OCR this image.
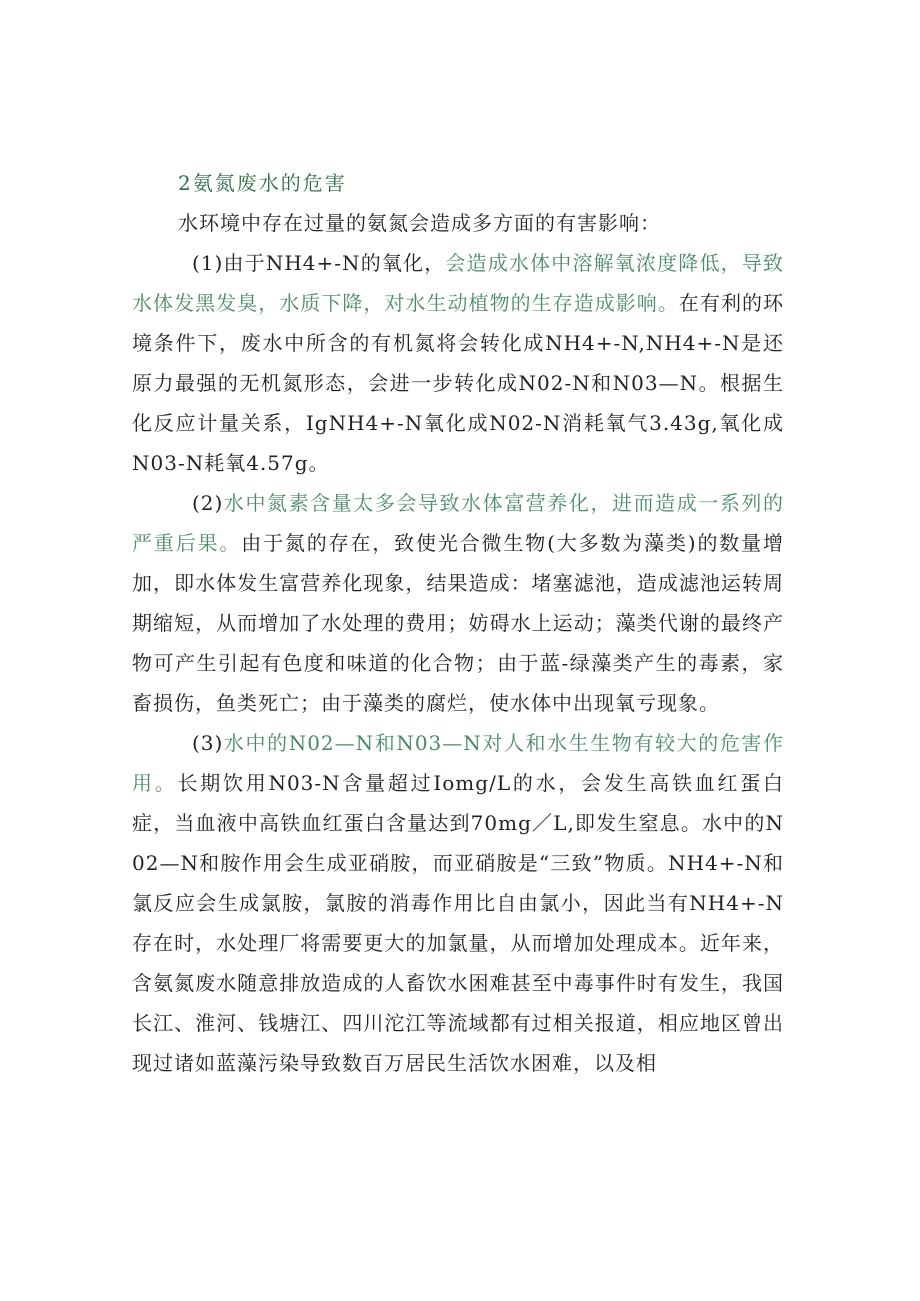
2氨氮废水的危害

水环境中存在过量的氨氮会造成多方面的有害影响：

(1)由于NH4+-N的氧化，会造成水体中溶解氧浓度降低，导致水体发黑发臭，水质下降，对水生动植物的生存造成影响。在有利的环境条件下，废水中所含的有机氮将会转化成NH4+-N,NH4+-N是还原力最强的无机氮形态，会进一步转化成N02-N和N03—N。根据生化反应计量关系，IgNH4+-N氧化成N02-N消耗氧气3.43g,氧化成N03-N耗氧4.57g。

(2)水中氮素含量太多会导致水体富营养化，进而造成一系列的严重后果。由于氮的存在，致使光合微生物(大多数为藻类)的数量增加，即水体发生富营养化现象，结果造成：堵塞滤池，造成滤池运转周期缩短，从而增加了水处理的费用；妨碍水上运动；藻类代谢的最终产物可产生引起有色度和味道的化合物；由于蓝-绿藻类产生的毒素，家畜损伤，鱼类死亡；由于藻类的腐烂，使水体中出现氧亏现象。

(3)水中的N02—N和N03—N对人和水生生物有较大的危害作用。长期饮用N03-N含量超过Iomg/L的水，会发生高铁血红蛋白症，当血液中高铁血红蛋白含量达到70mg／L,即发生窒息。水中的N02—N和胺作用会生成亚硝胺，而亚硝胺是“三致”物质。NH4+-N和氯反应会生成氯胺，氯胺的消毒作用比自由氯小，因此当有NH4+-N存在时，水处理厂将需要更大的加氯量，从而增加处理成本。近年来，含氨氮废水随意排放造成的人畜饮水困难甚至中毒事件时有发生，我国长江、淮河、钱塘江、四川沱江等流域都有过相关报道，相应地区曾出现过诸如蓝藻污染导致数百万居民生活饮水困难，以及相
